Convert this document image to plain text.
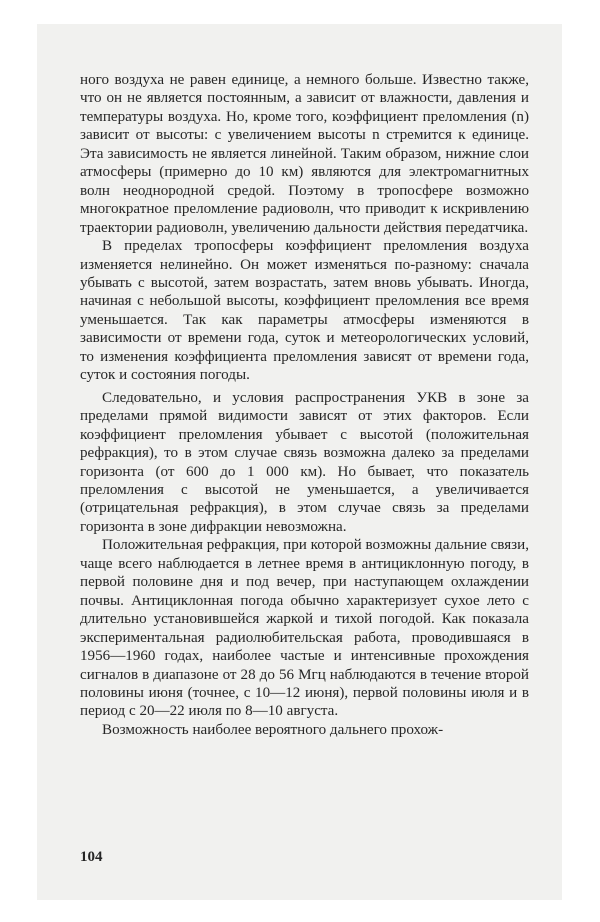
ного воздуха не равен единице, а немного больше. Известно также, что он не является постоянным, а зависит от влажности, давления и температуры воздуха. Но, кроме того, коэффициент преломления (n) зависит от высоты: с увеличением высоты n стремится к единице. Эта зависимость не является линейной. Таким образом, нижние слои атмосферы (примерно до 10 км) являются для электромагнитных волн неоднородной средой. Поэтому в тропосфере возможно многократное преломление радиоволн, что приводит к искривлению траектории радиоволн, увеличению дальности действия передатчика.

В пределах тропосферы коэффициент преломления воздуха изменяется нелинейно. Он может изменяться по-разному: сначала убывать с высотой, затем возрастать, затем вновь убывать. Иногда, начиная с небольшой высоты, коэффициент преломления все время уменьшается. Так как параметры атмосферы изменяются в зависимости от времени года, суток и метеорологических условий, то изменения коэффициента преломления зависят от времени года, суток и состояния погоды.

Следовательно, и условия распространения УКВ в зоне за пределами прямой видимости зависят от этих факторов. Если коэффициент преломления убывает с высотой (положительная рефракция), то в этом случае связь возможна далеко за пределами горизонта (от 600 до 1 000 км). Но бывает, что показатель преломления с высотой не уменьшается, а увеличивается (отрицательная рефракция), в этом случае связь за пределами горизонта в зоне дифракции невозможна.

Положительная рефракция, при которой возможны дальние связи, чаще всего наблюдается в летнее время в антициклонную погоду, в первой половине дня и под вечер, при наступающем охлаждении почвы. Антициклонная погода обычно характеризует сухое лето с длительно установившейся жаркой и тихой погодой. Как показала экспериментальная радиолюбительская работа, проводившаяся в 1956—1960 годах, наиболее частые и интенсивные прохождения сигналов в диапазоне от 28 до 56 Мгц наблюдаются в течение второй половины июня (точнее, с 10—12 июня), первой половины июля и в период с 20—22 июля по 8—10 августа.

Возможность наиболее вероятного дальнего прохож-

104
